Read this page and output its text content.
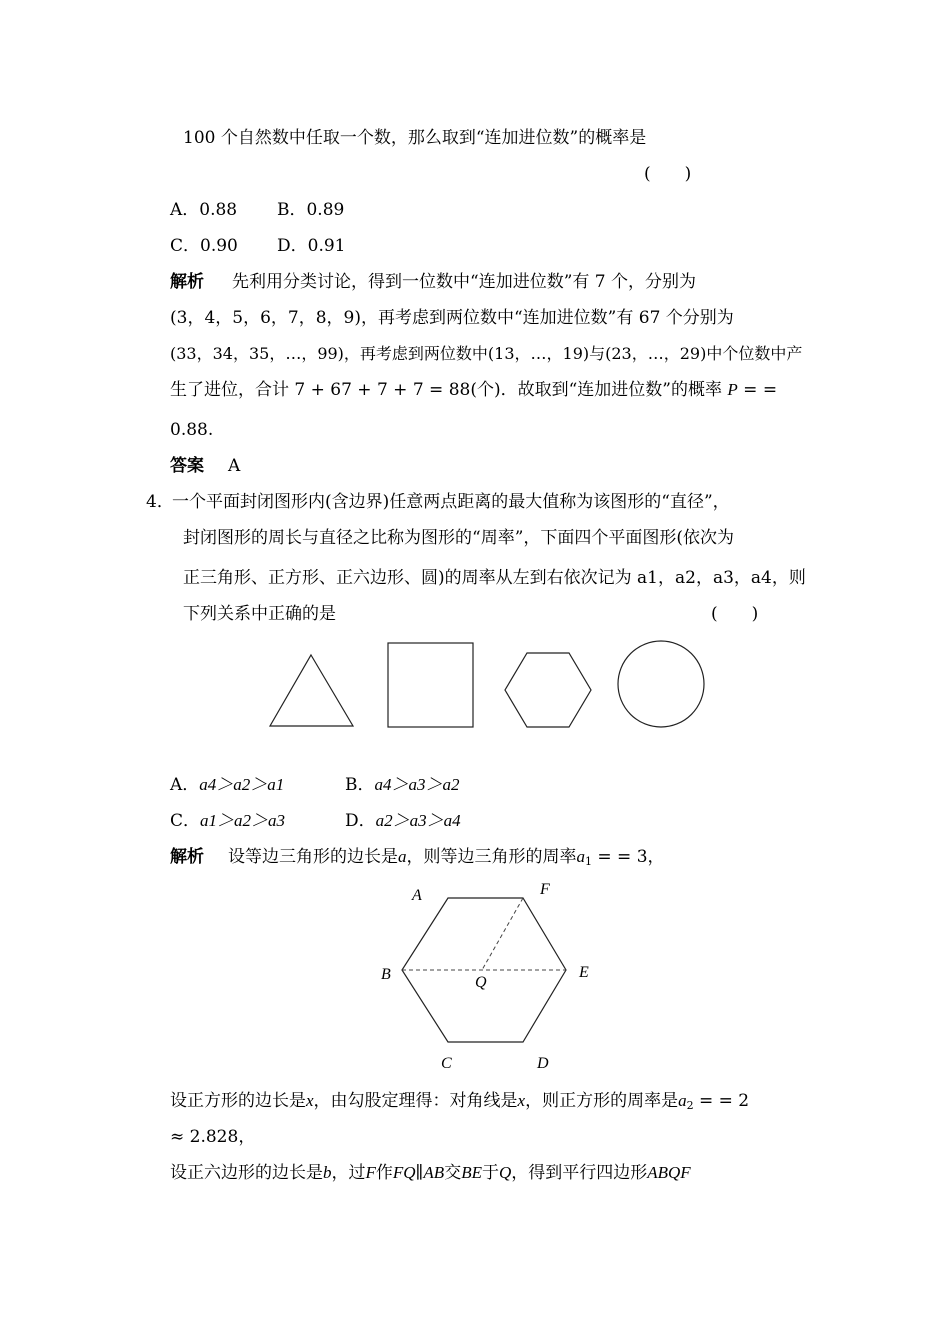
100 个自然数中任取一个数，那么取到“连加进位数”的概率是
(　　)
A．0.88 B．0.89
C．0.90 D．0.91
解析 先利用分类讨论，得到一位数中“连加进位数”有 7 个，分别为
(3，4，5，6，7，8，9)，再考虑到两位数中“连加进位数”有 67 个分别为
(33，34，35，…，99)，再考虑到两位数中(13，…，19)与(23，…，29)中个位数中产
生了进位，合计 7 + 67 + 7 + 7 = 88(个)．故取到“连加进位数”的概率 P = =
0.88.
答案 A
4．
一个平面封闭图形内(含边界)任意两点距离的最大值称为该图形的“直径”，
封闭图形的周长与直径之比称为图形的“周率”，下面四个平面图形(依次为
正三角形、正方形、正六边形、圆)的周率从左到右依次记为 a1，a2，a3，a4，则
下列关系中正确的是	(　　)
A．a4＞a2＞a1	B．a4＞a3＞a2
C．a1＞a2＞a3	D．a2＞a3＞a4
解析 设等边三角形的边长是a，则等边三角形的周率$a_1$ = = 3，
A	F
B	Q
E
C	D
设正方形的边长是x，由勾股定理得：对角线是x，则正方形的周率是$a_2$ = = 2
≈ 2.828，
设正六边形的边长是b，过F作FQ∥AB交BE于Q，得到平行四边形ABQF
